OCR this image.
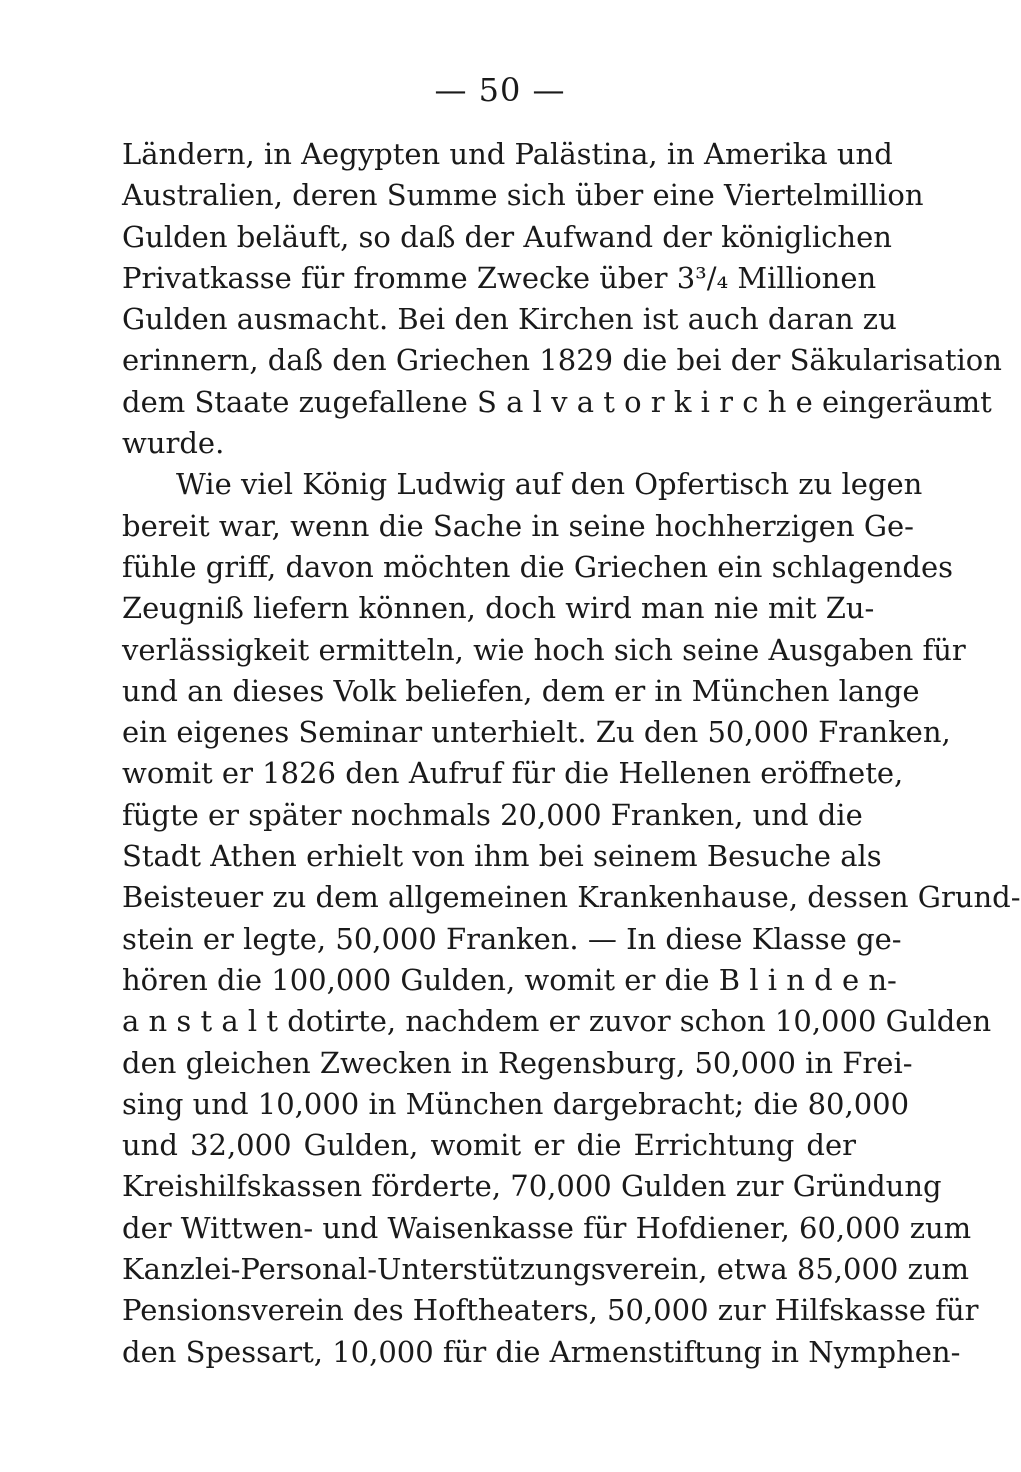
— 50 —
Ländern, in Aegypten und Palästina, in Amerika und
Australien, deren Summe sich über eine Viertelmillion
Gulden beläuft, so daß der Aufwand der königlichen
Privatkasse für fromme Zwecke über 3³/₄ Millionen
Gulden ausmacht. Bei den Kirchen ist auch daran zu
erinnern, daß den Griechen 1829 die bei der Säkularisation
dem Staate zugefallene S a l v a t o r k i r c h e eingeräumt
wurde.
Wie viel König Ludwig auf den Opfertisch zu legen
bereit war, wenn die Sache in seine hochherzigen Ge-
fühle griff, davon möchten die Griechen ein schlagendes
Zeugniß liefern können, doch wird man nie mit Zu-
verlässigkeit ermitteln, wie hoch sich seine Ausgaben für
und an dieses Volk beliefen, dem er in München lange
ein eigenes Seminar unterhielt. Zu den 50,000 Franken,
womit er 1826 den Aufruf für die Hellenen eröffnete,
fügte er später nochmals 20,000 Franken, und die
Stadt Athen erhielt von ihm bei seinem Besuche als
Beisteuer zu dem allgemeinen Krankenhause, dessen Grund-
stein er legte, 50,000 Franken. — In diese Klasse ge-
hören die 100,000 Gulden, womit er die B l i n d e n-
a n s t a l t dotirte, nachdem er zuvor schon 10,000 Gulden
den gleichen Zwecken in Regensburg, 50,000 in Frei-
sing und 10,000 in München dargebracht; die 80,000
und 32,000 Gulden, womit er die Errichtung der
Kreishilfskassen förderte, 70,000 Gulden zur Gründung
der Wittwen- und Waisenkasse für Hofdiener, 60,000 zum
Kanzlei-Personal-Unterstützungsverein, etwa 85,000 zum
Pensionsverein des Hoftheaters, 50,000 zur Hilfskasse für
den Spessart, 10,000 für die Armenstiftung in Nymphen-
